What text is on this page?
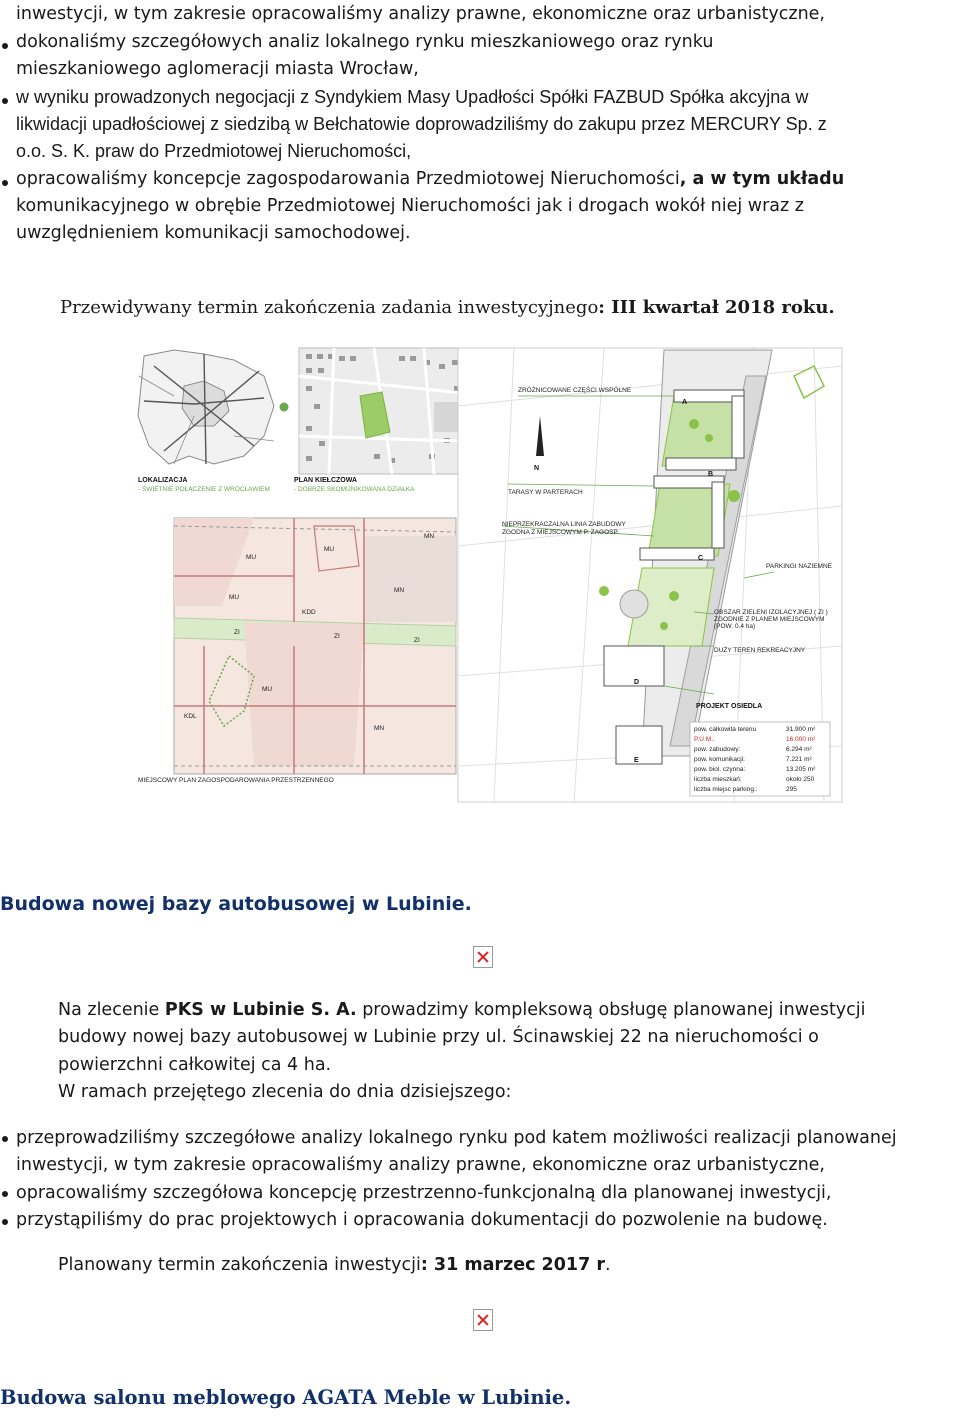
inwestycji, w tym zakresie opracowaliśmy analizy prawne, ekonomiczne oraz urbanistyczne,
dokonaliśmy szczegółowych analiz lokalnego rynku mieszkaniowego oraz rynku
mieszkaniowego aglomeracji miasta Wrocław,
w wyniku prowadzonych negocjacji z Syndykiem Masy Upadłości Spółki FAZBUD Spółka akcyjna w
likwidacji upadłościowej z siedzibą w Bełchatowie doprowadziliśmy do zakupu przez MERCURY Sp. z
o.o. S. K. praw do Przedmiotowej Nieruchomości,
opracowaliśmy koncepcje zagospodarowania Przedmiotowej Nieruchomości, a w tym układu
komunikacyjnego w obrębie Przedmiotowej Nieruchomości jak i drogach wokół niej wraz z
uwzględnieniem komunikacji samochodowej.
Przewidywany termin zakończenia zadania inwestycyjnego: III kwartał 2018 roku.
LOKALIZACJA
- ŚWIETNIE POŁĄCZENIE Z WROCŁAWIEM
PLAN KIEŁCZOWA
- DOBRZE SKOMUNIKOWANA DZIAŁKA
MU
MU
MU
MU
ZI
ZI
ZI
MN
MN
MN
KDD
KDL
MIEJSCOWY PLAN ZAGOSPODAROWANIA PRZESTRZENNEGO
ZRÓŻNICOWANE CZĘŚCI WSPÓLNE
N
TARASY W PARTERACH
NIEPRZEKRACZALNA LINIA ZABUDOWY
ZGODNA Z MIEJSCOWYM P. ZAGOSP.
PARKINGI NAZIEMNE
OBSZAR ZIELENI IZOLACYJNEJ ( ZI )
ZGODNIE Z PLANEM MIEJSCOWYM
(POW. 0.4 ha)
DUŻY TEREN REKREACYJNY
PROJEKT OSIEDLA
A
B
C
D
E
pow. całkowita terenu	31.900 m²
P.U.M.:	16.000 m²
pow. zabudowy:	6.294 m²
pow. komunikacji:	7.221 m²
pow. biol. czynna:	13.205 m²
liczba mieszkań:	około 250
liczba miejsc parking.:	295
Budowa nowej bazy autobusowej w Lubinie.
Na zlecenie PKS w Lubinie S. A. prowadzimy kompleksową obsługę planowanej inwestycji
budowy nowej bazy autobusowej w Lubinie przy ul. Ścinawskiej 22 na nieruchomości o
powierzchni całkowitej ca 4 ha.
W ramach przejętego zlecenia do dnia dzisiejszego:
przeprowadziliśmy szczegółowe analizy lokalnego rynku pod katem możliwości realizacji planowanej
inwestycji, w tym zakresie opracowaliśmy analizy prawne, ekonomiczne oraz urbanistyczne,
opracowaliśmy szczegółowa koncepcję przestrzenno-funkcjonalną dla planowanej inwestycji,
przystąpiliśmy do prac projektowych i opracowania dokumentacji do pozwolenie na budowę.
Planowany termin zakończenia inwestycji: 31 marzec 2017 r.
Budowa salonu meblowego AGATA Meble w Lubinie.
